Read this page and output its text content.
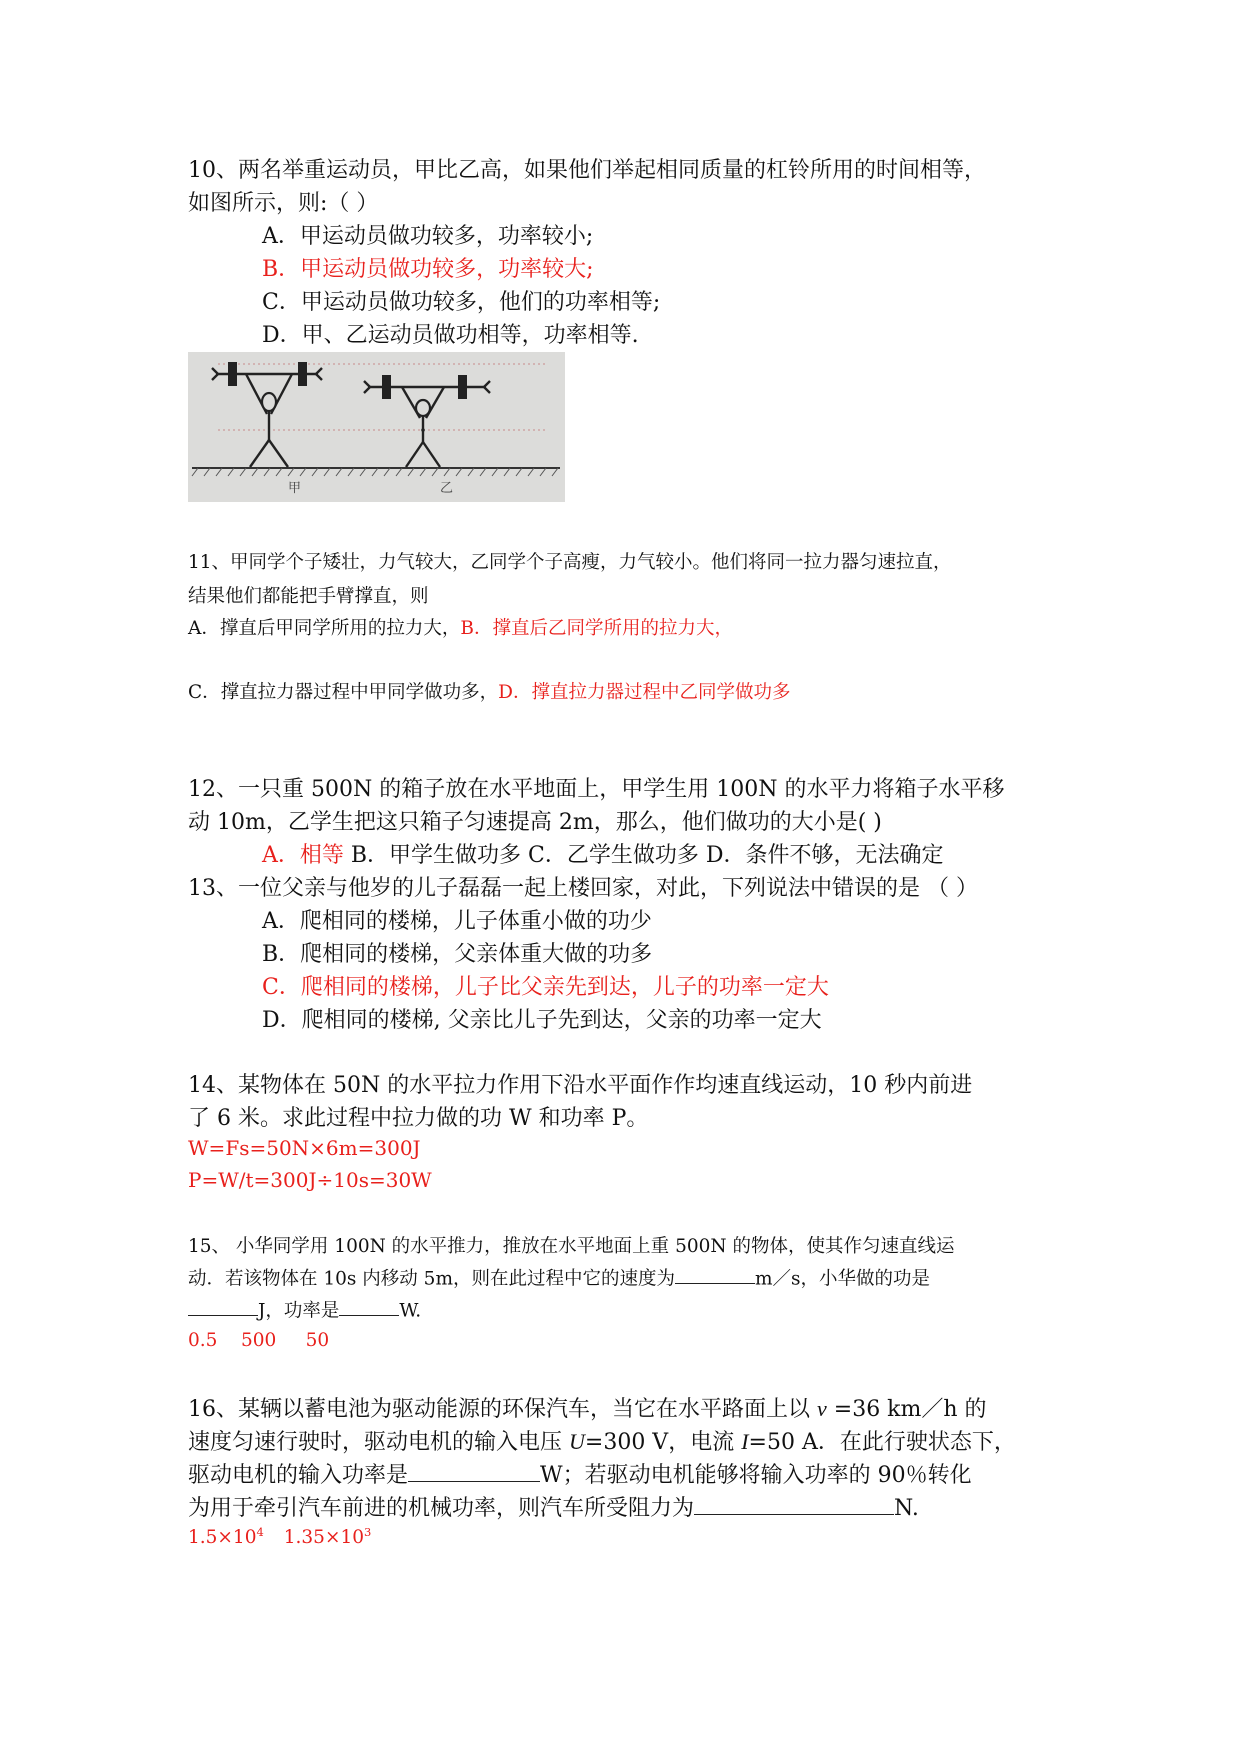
10、两名举重运动员，甲比乙高，如果他们举起相同质量的杠铃所用的时间相等，
如图所示，则:（ ）
A．甲运动员做功较多，功率较小;
B．甲运动员做功较多，功率较大;
C．甲运动员做功较多，他们的功率相等;
D．甲、乙运动员做功相等，功率相等.
甲	乙
11、甲同学个子矮壮，力气较大，乙同学个子高瘦，力气较小。他们将同一拉力器匀速拉直，
结果他们都能把手臂撑直，则
A．撑直后甲同学所用的拉力大，B．撑直后乙同学所用的拉力大，
C．撑直拉力器过程中甲同学做功多，D．撑直拉力器过程中乙同学做功多
12、一只重 500N 的箱子放在水平地面上，甲学生用 100N 的水平力将箱子水平移
动 10m，乙学生把这只箱子匀速提高 2m，那么，他们做功的大小是( )
A．相等 B．甲学生做功多 C．乙学生做功多 D．条件不够，无法确定
13、一位父亲与他岁的儿子磊磊一起上楼回家，对此，下列说法中错误的是 （ ）
A．爬相同的楼梯，儿子体重小做的功少
B．爬相同的楼梯，父亲体重大做的功多
C．爬相同的楼梯，儿子比父亲先到达，儿子的功率一定大
D．爬相同的楼梯, 父亲比儿子先到达，父亲的功率一定大
14、某物体在 50N 的水平拉力作用下沿水平面作作均速直线运动，10 秒内前进
了 6 米。求此过程中拉力做的功 W 和功率 P。
W=Fs=50N×6m=300J
P=W/t=300J÷10s=30W
15、 小华同学用 100N 的水平推力，推放在水平地面上重 500N 的物体，使其作匀速直线运
动．若该物体在 10s 内移动 5m，则在此过程中它的速度为	m／s，小华做的功是
J，功率是	W.
0.5    500     50
16、某辆以蓄电池为驱动能源的环保汽车，当它在水平路面上以 v =36 km／h 的
速度匀速行驶时，驱动电机的输入电压 U=300 V，电流 I=50 A．在此行驶状态下，
驱动电机的输入功率是	W；若驱动电机能够将输入功率的 90％转化
为用于牵引汽车前进的机械功率，则汽车所受阻力为	N.
$1.5\times 10^4$ $1.35\times 10^3$
